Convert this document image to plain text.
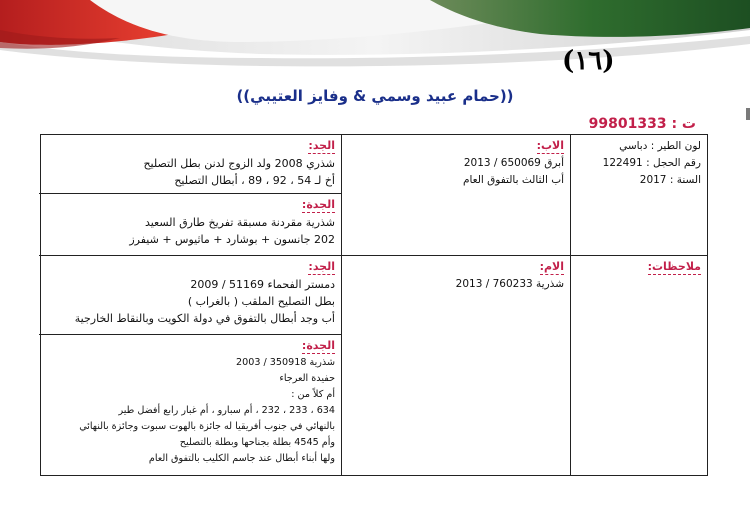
(١٦)
((حمام عبيد وسمي & وفايز العتيبي))
ت : 99801333
لون الطير : دباسي
رقم الحجل : 122491
السنة : 2017
ملاحظات :
الاب :
أبرق 650069 / 2013
أب الثالث بالتفوق العام
الام :
شذرية 760233 / 2013
الجد :
شذري 2008 ولد الزوج لدنن بطل التصليح
أخ لـ 54 ، 92 ، 89 ، أبطال التصليح
الجدة :
شذرية مقردنة مسبقة تفريخ طارق السعيد
202 جانسون + بوشارد + ماثيوس + شيفرز
الجد :
دمستر الفحماء 51169 / 2009
بطل التصليح الملقب ( بالغراب )
أب وجد أبطال بالتفوق في دولة الكويت وبالنقاط الخارجية
الجدة :
شذرية 350918 / 2003
حفيدة العرجاء
أم كلاً من :
634 ، 233 ، 232 ، أم سبارو ، أم غبار رابع أفضل طير
بالنهائي في جنوب أفريقيا له جائزة بالهوت سبوت وجائزة بالنهائي
وأم 4545 بطلة بجناحها وبطلة بالتصليح
ولها أبناء أبطال عند جاسم الكليب بالتفوق العام
